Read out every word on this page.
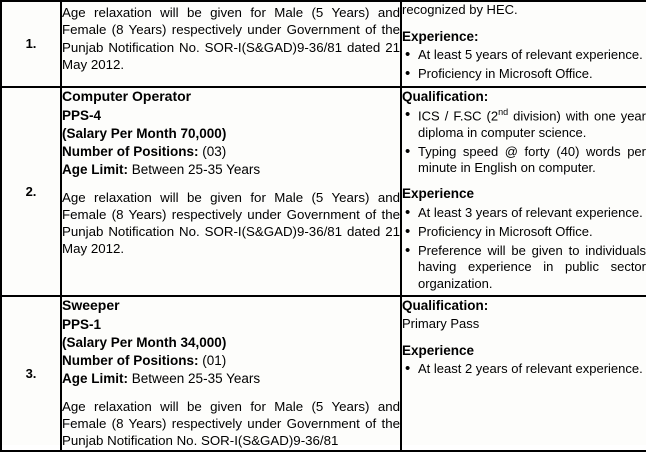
1.	
Age relaxation will be given for Male (5 Years) and Female (8 Years) respectively under Government of the Punjab Notification No. SOR-I(S&GAD)9-36/81 dated 21 May 2012.

recognized by HEC.
Experience:
• At least 5 years of relevant experience.
• Proficiency in Microsoft Office.

2.	
Computer Operator
PPS-4
(Salary Per Month 70,000)
Number of Positions: (03)
Age Limit: Between 25-35 Years
Age relaxation will be given for Male (5 Years) and Female (8 Years) respectively under Government of the Punjab Notification No. SOR-I(S&GAD)9-36/81 dated 21 May 2012.

Qualification:
• ICS / F.SC (2nd division) with one year diploma in computer science.
• Typing speed @ forty (40) words per minute in English on computer.
Experience
• At least 3 years of relevant experience.
• Proficiency in Microsoft Office.
• Preference will be given to individuals having experience in public sector organization.

3.	
Sweeper
PPS-1
(Salary Per Month 34,000)
Number of Positions: (01)
Age Limit: Between 25-35 Years
Age relaxation will be given for Male (5 Years) and Female (8 Years) respectively under Government of the Punjab Notification No. SOR-I(S&GAD)9-36/81

Qualification:
Primary Pass
Experience
• At least 2 years of relevant experience.
